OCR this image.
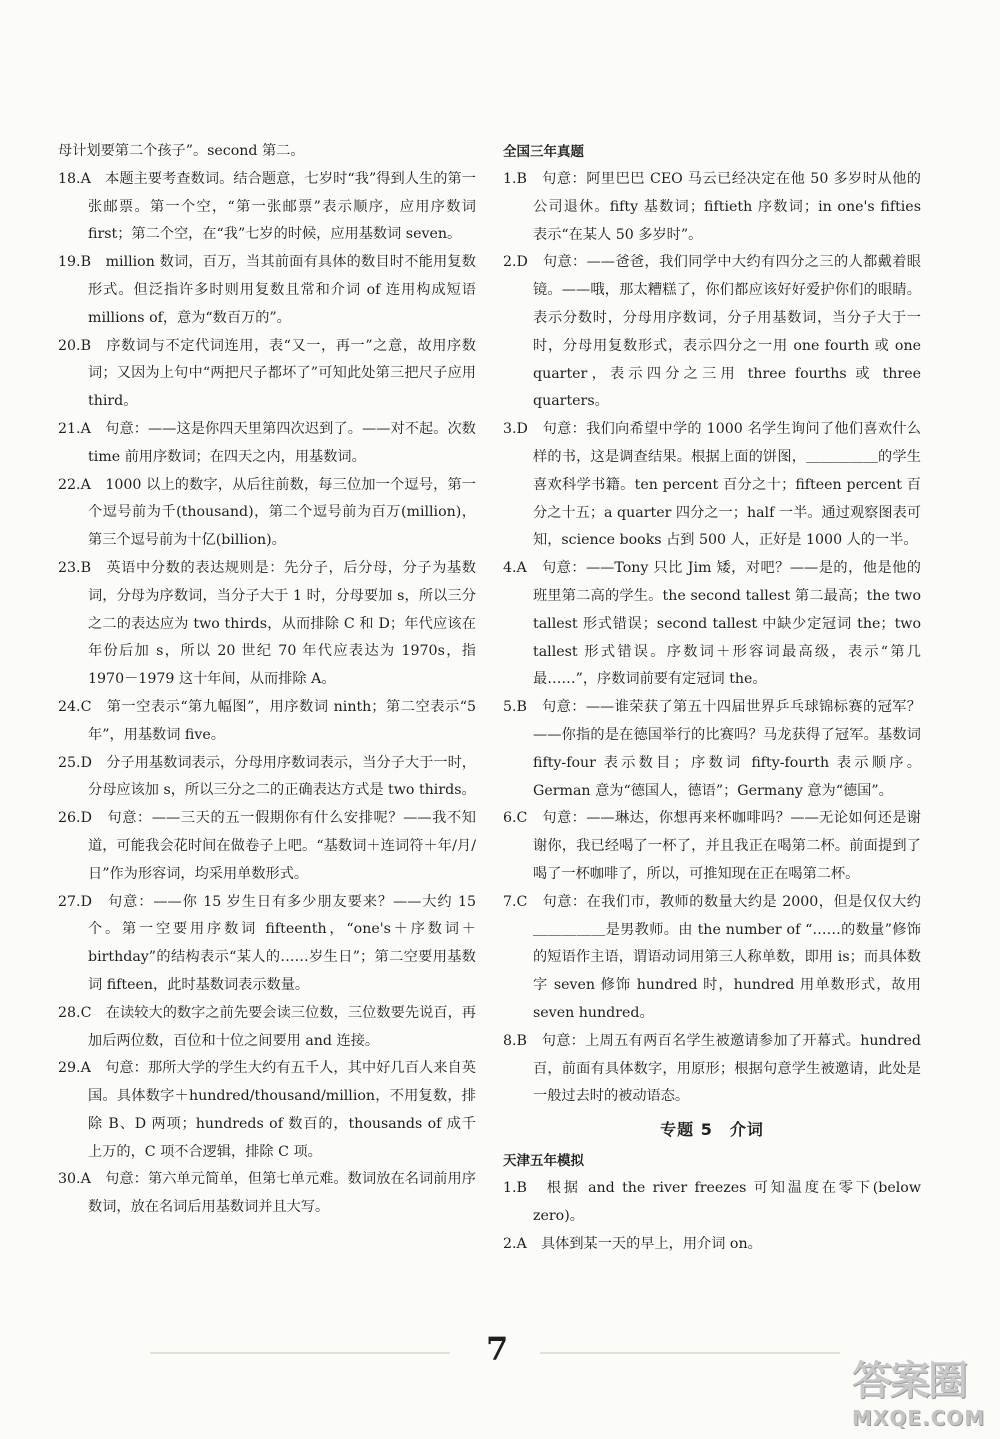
母计划要第二个孩子”。second 第二。

18.A　本题主要考查数词。结合题意，七岁时“我”得到人生的第一张邮票。第一个空，“第一张邮票”表示顺序，应用序数词 first；第二个空，在“我”七岁的时候，应用基数词 seven。

19.B　million 数词，百万，当其前面有具体的数目时不能用复数形式。但泛指许多时则用复数且常和介词 of 连用构成短语 millions of，意为“数百万的”。

20.B　序数词与不定代词连用，表“又一，再一”之意，故用序数词；又因为上句中“两把尺子都坏了”可知此处第三把尺子应用 third。

21.A　句意：——这是你四天里第四次迟到了。——对不起。次数 time 前用序数词；在四天之内，用基数词。

22.A　1000 以上的数字，从后往前数，每三位加一个逗号，第一个逗号前为千(thousand)，第二个逗号前为百万(million)，第三个逗号前为十亿(billion)。

23.B　英语中分数的表达规则是：先分子，后分母，分子为基数词，分母为序数词，当分子大于 1 时，分母要加 s，所以三分之二的表达应为 two thirds，从而排除 C 和 D；年代应该在年份后加 s，所以 20 世纪 70 年代应表达为 1970s，指 1970－1979 这十年间，从而排除 A。

24.C　第一空表示“第九幅图”，用序数词 ninth；第二空表示“5 年”，用基数词 five。

25.D　分子用基数词表示，分母用序数词表示，当分子大于一时，分母应该加 s，所以三分之二的正确表达方式是 two thirds。

26.D　句意：——三天的五一假期你有什么安排呢？——我不知道，可能我会花时间在做卷子上吧。“基数词＋连词符＋年/月/日”作为形容词，均采用单数形式。

27.D　句意：——你 15 岁生日有多少朋友要来？——大约 15 个。第一空要用序数词 fifteenth，“one's＋序数词＋birthday”的结构表示“某人的……岁生日”；第二空要用基数词 fifteen，此时基数词表示数量。

28.C　在读较大的数字之前先要会读三位数，三位数要先说百，再加后两位数，百位和十位之间要用 and 连接。

29.A　句意：那所大学的学生大约有五千人，其中好几百人来自英国。具体数字＋hundred/thousand/million，不用复数，排除 B、D 两项；hundreds of 数百的，thousands of 成千上万的，C 项不合逻辑，排除 C 项。

30.A　句意：第六单元简单，但第七单元难。数词放在名词前用序数词，放在名词后用基数词并且大写。

全国三年真题

1.B　句意：阿里巴巴 CEO 马云已经决定在他 50 多岁时从他的公司退休。fifty 基数词；fiftieth 序数词；in one's fifties 表示“在某人 50 多岁时”。

2.D　句意：——爸爸，我们同学中大约有四分之三的人都戴着眼镜。——哦，那太糟糕了，你们都应该好好爱护你们的眼睛。表示分数时，分母用序数词，分子用基数词，当分子大于一时，分母用复数形式，表示四分之一用 one fourth 或 one quarter，表示四分之三用 three fourths 或 three quarters。

3.D　句意：我们向希望中学的 1000 名学生询问了他们喜欢什么样的书，这是调查结果。根据上面的饼图，＿＿＿＿＿的学生喜欢科学书籍。ten percent 百分之十；fifteen percent 百分之十五；a quarter 四分之一；half 一半。通过观察图表可知，science books 占到 500 人，正好是 1000 人的一半。

4.A　句意：——Tony 只比 Jim 矮，对吧？——是的，他是他的班里第二高的学生。the second tallest 第二最高；the two tallest 形式错误；second tallest 中缺少定冠词 the；two tallest 形式错误。序数词＋形容词最高级，表示“第几最……”，序数词前要有定冠词 the。

5.B　句意：——谁荣获了第五十四届世界乒乓球锦标赛的冠军？——你指的是在德国举行的比赛吗？马龙获得了冠军。基数词 fifty-four 表示数目；序数词 fifty-fourth 表示顺序。German 意为“德国人，德语”；Germany 意为“德国”。

6.C　句意：——琳达，你想再来杯咖啡吗？——无论如何还是谢谢你，我已经喝了一杯了，并且我正在喝第二杯。前面提到了喝了一杯咖啡了，所以，可推知现在正在喝第二杯。

7.C　句意：在我们市，教师的数量大约是 2000，但是仅仅大约＿＿＿＿＿是男教师。由 the number of “……的数量”修饰的短语作主语，谓语动词用第三人称单数，即用 is；而具体数字 seven 修饰 hundred 时，hundred 用单数形式，故用 seven hundred。

8.B　句意：上周五有两百名学生被邀请参加了开幕式。hundred 百，前面有具体数字，用原形；根据句意学生被邀请，此处是一般过去时的被动语态。

专题 5　介词

天津五年模拟

1.B　根据 and the river freezes 可知温度在零下(below zero)。

2.A　具体到某一天的早上，用介词 on。

7
答案圈
MXQE.COM
